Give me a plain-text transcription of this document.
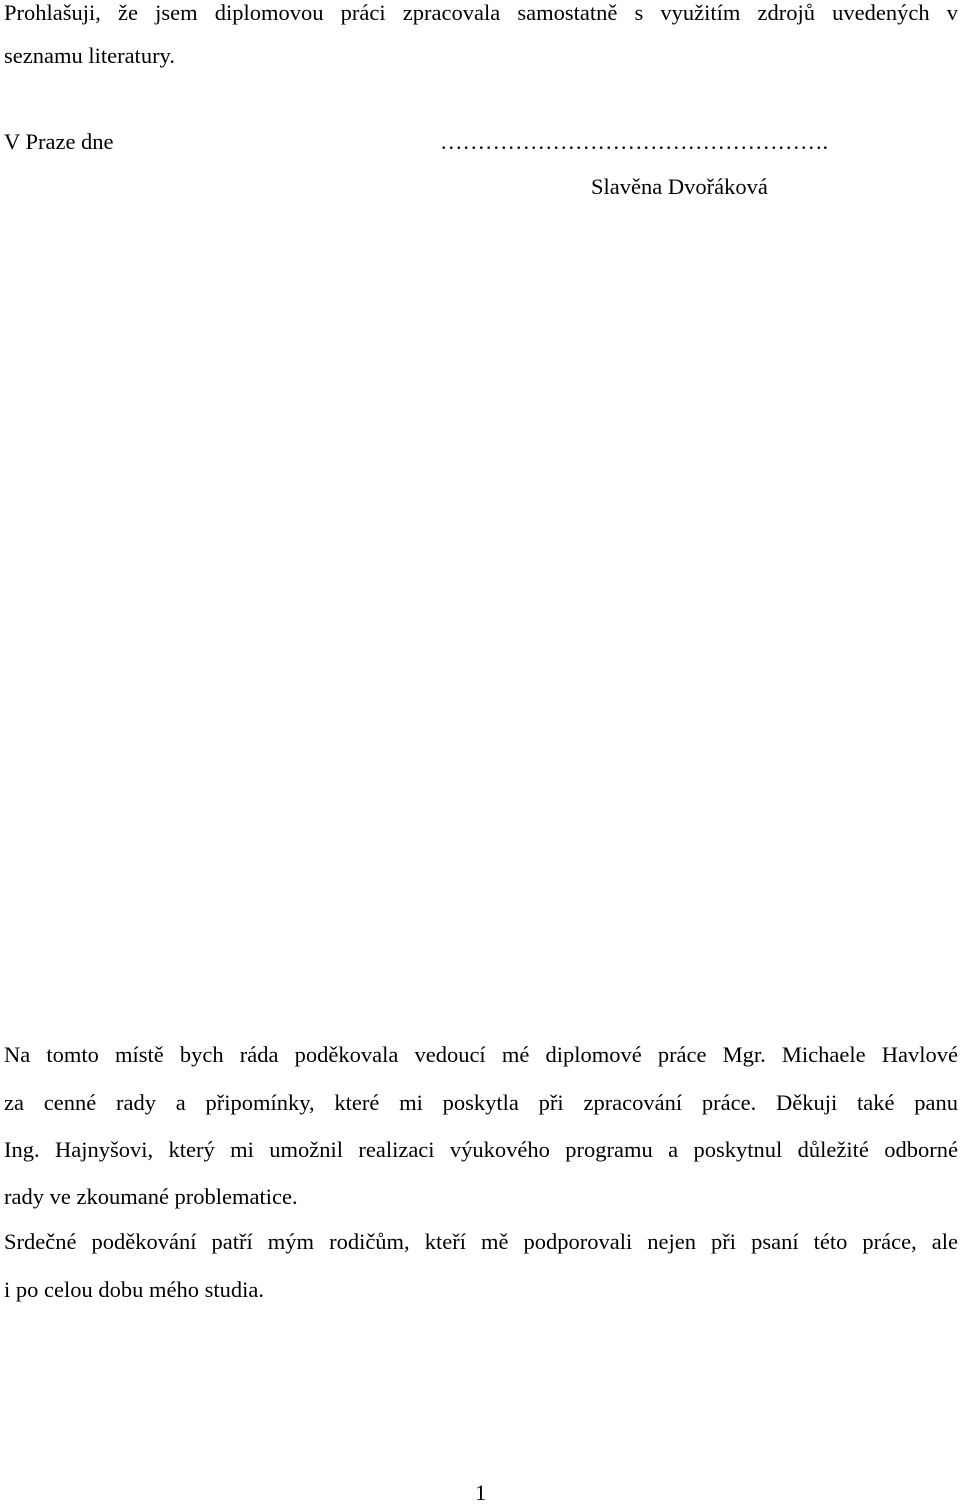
Prohlašuji, že jsem diplomovou práci zpracovala samostatně s využitím zdrojů uvedených v
seznamu literatury.
V Praze dne	…………………………………………….
Slavěna Dvořáková
Na tomto místě bych ráda poděkovala vedoucí mé diplomové práce Mgr. Michaele Havlové
za cenné rady a připomínky, které mi poskytla při zpracování práce. Děkuji také panu
Ing. Hajnyšovi, který mi umožnil realizaci výukového programu a poskytnul důležité odborné
rady ve zkoumané problematice.
Srdečné poděkování patří mým rodičům, kteří mě podporovali nejen při psaní této práce, ale
i po celou dobu mého studia.
1
